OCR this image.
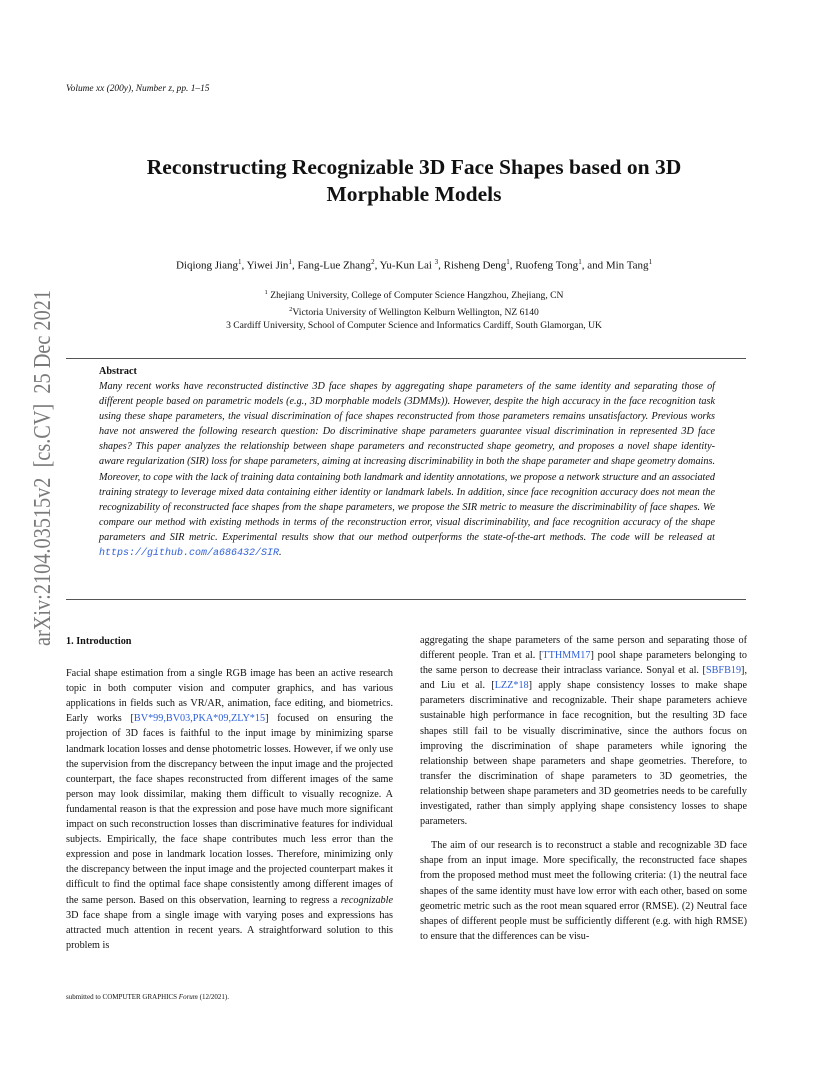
arXiv:2104.03515v2  [cs.CV]  25 Dec 2021
Volume xx (200y), Number z, pp. 1–15
Reconstructing Recognizable 3D Face Shapes based on 3D
Morphable Models
Diqiong Jiang$^1$, Yiwei Jin$^1$, Fang-Lue Zhang$^2$, Yu-Kun Lai $^3$, Risheng Deng$^1$, Ruofeng Tong$^1$, and Min Tang$^1$
$^1$ Zhejiang University, College of Computer Science Hangzhou, Zhejiang, CN
$^2$Victoria University of Wellington Kelburn Wellington, NZ 6140
3 Cardiff University, School of Computer Science and Informatics Cardiff, South Glamorgan, UK
Abstract
Many recent works have reconstructed distinctive 3D face shapes by aggregating shape parameters of the same identity and separating those of different people based on parametric models (e.g., 3D morphable models (3DMMs)). However, despite the high accuracy in the face recognition task using these shape parameters, the visual discrimination of face shapes reconstructed from those parameters remains unsatisfactory. Previous works have not answered the following research question: Do discriminative shape parameters guarantee visual discrimination in represented 3D face shapes? This paper analyzes the relationship between shape parameters and reconstructed shape geometry, and proposes a novel shape identity-aware regularization (SIR) loss for shape parameters, aiming at increasing discriminability in both the shape parameter and shape geometry domains. Moreover, to cope with the lack of training data containing both landmark and identity annotations, we propose a network structure and an associated training strategy to leverage mixed data containing either identity or landmark labels. In addition, since face recognition accuracy does not mean the recognizability of reconstructed face shapes from the shape parameters, we propose the SIR metric to measure the discriminability of face shapes. We compare our method with existing methods in terms of the reconstruction error, visual discriminability, and face recognition accuracy of the shape parameters and SIR metric. Experimental results show that our method outperforms the state-of-the-art methods. The code will be released at https://github.com/a686432/SIR.
1. Introduction

Facial shape estimation from a single RGB image has been an active research topic in both computer vision and computer graphics, and has various applications in fields such as VR/AR, animation, face editing, and biometrics. Early works [BV*99,BV03,PKA*09,ZLY*15] focused on ensuring the projection of 3D faces is faithful to the input image by minimizing sparse landmark location losses and dense photometric losses. However, if we only use the supervision from the discrepancy between the input image and the projected counterpart, the face shapes reconstructed from different images of the same person may look dissimilar, making them difficult to visually recognize. A fundamental reason is that the expression and pose have much more significant impact on such reconstruction losses than discriminative features for individual subjects. Empirically, the face shape contributes much less error than the expression and pose in landmark location losses. Therefore, minimizing only the discrepancy between the input image and the projected counterpart makes it difficult to find the optimal face shape consistently among different images of the same person. Based on this observation, learning to regress a recognizable 3D face shape from a single image with varying poses and expressions has attracted much attention in recent years. A straightforward solution to this problem is

aggregating the shape parameters of the same person and separating those of different people. Tran et al. [TTHMM17] pool shape parameters belonging to the same person to decrease their intraclass variance. Sonyal et al. [SBFB19], and Liu et al. [LZZ*18] apply shape consistency losses to make shape parameters discriminative and recognizable. Their shape parameters achieve sustainable high performance in face recognition, but the resulting 3D face shapes still fail to be visually discriminative, since the authors focus on improving the discrimination of shape parameters while ignoring the relationship between shape parameters and shape geometries. Therefore, to transfer the discrimination of shape parameters to 3D geometries, the relationship between shape parameters and 3D geometries needs to be carefully investigated, rather than simply applying shape consistency losses to shape parameters.

The aim of our research is to reconstruct a stable and recognizable 3D face shape from an input image. More specifically, the reconstructed face shapes from the proposed method must meet the following criteria: (1) the neutral face shapes of the same identity must have low error with each other, based on some geometric metric such as the root mean squared error (RMSE). (2) Neutral face shapes of different people must be sufficiently different (e.g. with high RMSE) to ensure that the differences can be visu-

submitted to COMPUTER GRAPHICS Forum (12/2021).
